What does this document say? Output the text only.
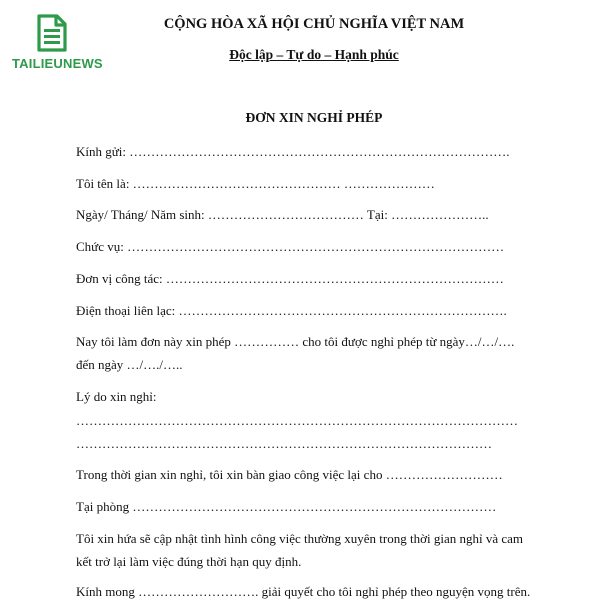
TAILIEUNEWS
CỘNG HÒA XÃ HỘI CHỦ NGHĨA VIỆT NAM
Độc lập – Tự do – Hạnh phúc
ĐƠN XIN NGHỈ PHÉP
Kính gửi: …………………………………………………………………………….
Tôi tên là: ………………………………………… …………………
Ngày/ Tháng/ Năm sinh: ……………………………… Tại: …………………..
Chức vụ: ……………………………………………………………………………
Đơn vị công tác: ……………………………………………………………………
Điện thoại liên lạc: ………………………………………………………………….
Nay tôi làm đơn này xin phép …………… cho tôi được nghỉ phép từ ngày…/…/….
đến ngày …/…./…..
Lý do xin nghỉ:
…………………………………………………………………………………………
……………………………………………………………………………………
Trong thời gian xin nghỉ, tôi xin bàn giao công việc lại cho ………………………
Tại phòng …………………………………………………………………………
Tôi xin hứa sẽ cập nhật tình hình công việc thường xuyên trong thời gian nghỉ và cam
kết trở lại làm việc đúng thời hạn quy định.
Kính mong ………………………. giải quyết cho tôi nghỉ phép theo nguyện vọng trên.
